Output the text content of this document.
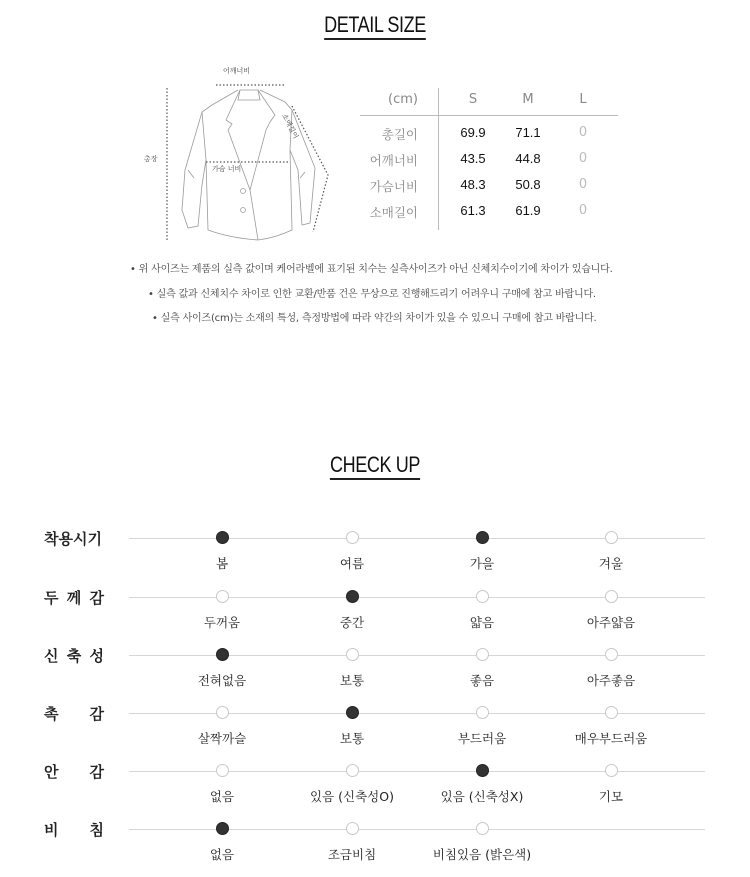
DETAIL SIZE
어깨너비
총장
가슴 너비
소매길이
(cm)	S	M	L
총길이	69.9	71.1	0
어깨너비	43.5	44.8	0
가슴너비	48.3	50.8	0
소매길이	61.3	61.9	0
• 위 사이즈는 제품의 실측 값이며 케어라벨에 표기된 치수는 실측사이즈가 아닌 신체치수이기에 차이가 있습니다.
• 실측 값과 신체치수 차이로 인한 교환/반품 건은 무상으로 진행해드리기 어려우니 구매에 참고 바랍니다.
• 실측 사이즈(cm)는 소재의 특성, 측정방법에 따라 약간의 차이가 있을 수 있으니 구매에 참고 바랍니다.
CHECK UP
착용시기
봄	여름	가을	겨울
두 께 감
두꺼움	중간	얇음	아주얇음
신 축 성
전혀없음	보통	좋음	아주좋음
촉 감
살짝까슬	보통	부드러움	매우부드러움
안 감
없음	있음 (신축성O)	있음 (신축성X)	기모
비 침
없음	조금비침	비침있음 (밝은색)
